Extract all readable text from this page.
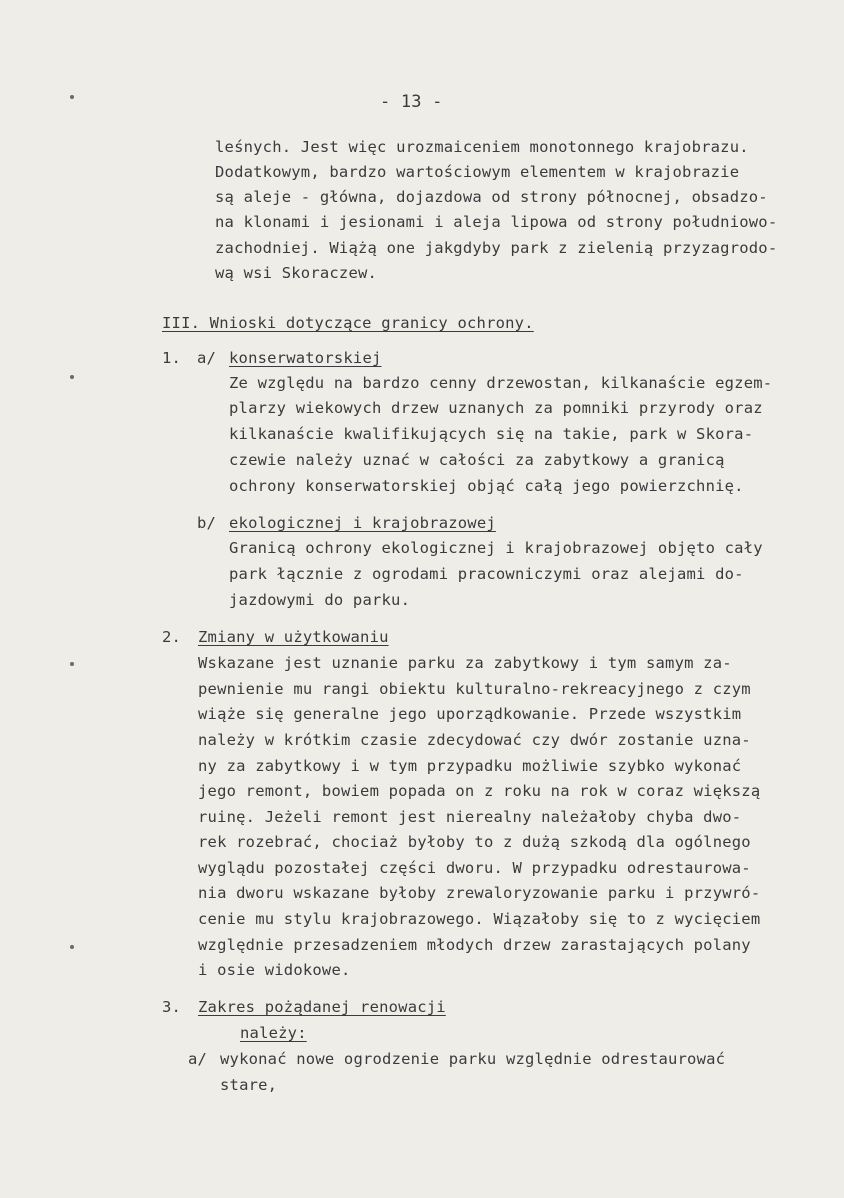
- 13 -
leśnych. Jest więc urozmaiceniem monotonnego krajobrazu.
Dodatkowym, bardzo wartościowym elementem w krajobrazie
są aleje - główna, dojazdowa od strony północnej, obsadzo-
na klonami i jesionami i aleja lipowa od strony południowo-
zachodniej. Wiążą one jakgdyby park z zielenią przyzagrodo-
wą wsi Skoraczew.
III. Wnioski dotyczące granicy ochrony.
1. a/ konserwatorskiej
Ze względu na bardzo cenny drzewostan, kilkanaście egzem-
plarzy wiekowych drzew uznanych za pomniki przyrody oraz
kilkanaście kwalifikujących się na takie, park w Skora-
czewie należy uznać w całości za zabytkowy a granicą
ochrony konserwatorskiej objąć całą jego powierzchnię.
b/ ekologicznej i krajobrazowej
Granicą ochrony ekologicznej i krajobrazowej objęto cały
park łącznie z ogrodami pracowniczymi oraz alejami do-
jazdowymi do parku.
2. Zmiany w użytkowaniu
Wskazane jest uznanie parku za zabytkowy i tym samym za-
pewnienie mu rangi obiektu kulturalno-rekreacyjnego z czym
wiąże się generalne jego uporządkowanie. Przede wszystkim
należy w krótkim czasie zdecydować czy dwór zostanie uzna-
ny za zabytkowy i w tym przypadku możliwie szybko wykonać
jego remont, bowiem popada on z roku na rok w coraz większą
ruinę. Jeżeli remont jest nierealny należałoby chyba dwo-
rek rozebrać, chociaż byłoby to z dużą szkodą dla ogólnego
wyglądu pozostałej części dworu. W przypadku odrestaurowa-
nia dworu wskazane byłoby zrewaloryzowanie parku i przywró-
cenie mu stylu krajobrazowego. Wiązałoby się to z wycięciem
względnie przesadzeniem młodych drzew zarastających polany
i osie widokowe.
3. Zakres pożądanej renowacji
należy:
a/ wykonać nowe ogrodzenie parku względnie odrestaurować
stare,
